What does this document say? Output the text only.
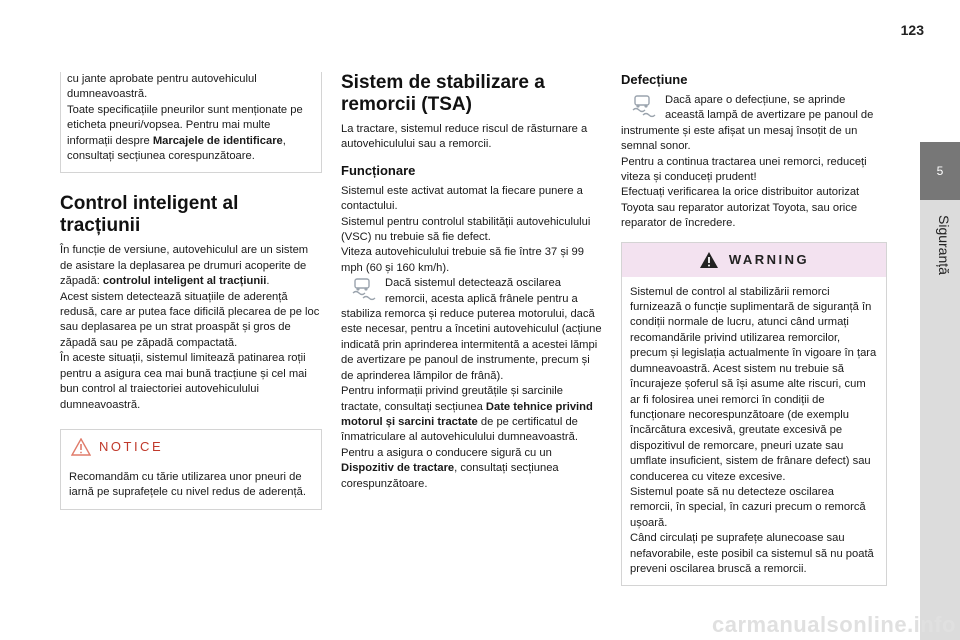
123

cu jante aprobate pentru autovehiculul dumneavoastră.

Toate specificațiile pneurilor sunt menționate pe eticheta pneuri/vopsea. Pentru mai multe informații despre Marcajele de identificare, consultați secțiunea corespunzătoare.

Control inteligent al tracțiunii

În funcție de versiune, autovehiculul are un sistem de asistare la deplasarea pe drumuri acoperite de zăpadă: controlul inteligent al tracțiunii.

Acest sistem detectează situațiile de aderență redusă, care ar putea face dificilă plecarea de pe loc sau deplasarea pe un strat proaspăt și gros de zăpadă sau pe zăpadă compactată.

În aceste situații, sistemul limitează patinarea roții pentru a asigura cea mai bună tracțiune și cel mai bun control al traiectoriei autovehiculului dumneavoastră.

NOTICE

Recomandăm cu tărie utilizarea unor pneuri de iarnă pe suprafețele cu nivel redus de aderență.

Sistem de stabilizare a remorcii (TSA)

La tractare, sistemul reduce riscul de răsturnare a autovehiculului sau a remorcii.

Funcționare

Sistemul este activat automat la fiecare punere a contactului.

Sistemul pentru controlul stabilității autovehiculului (VSC) nu trebuie să fie defect.

Viteza autovehiculului trebuie să fie între 37 și 99 mph (60 și 160 km/h).

Dacă sistemul detectează oscilarea remorcii, acesta aplică frânele pentru a stabiliza remorca și reduce puterea motorului, dacă este necesar, pentru a încetini autovehiculul (acțiune indicată prin aprinderea intermitentă a acestei lămpi de avertizare pe panoul de instrumente, precum și de aprinderea lămpilor de frână).

Pentru informații privind greutățile și sarcinile tractate, consultați secțiunea Date tehnice privind motorul și sarcini tractate de pe certificatul de înmatriculare al autovehiculului dumneavoastră.

Pentru a asigura o conducere sigură cu un Dispozitiv de tractare, consultați secțiunea corespunzătoare.

Defecțiune

Dacă apare o defecțiune, se aprinde această lampă de avertizare pe panoul de instrumente și este afișat un mesaj însoțit de un semnal sonor.

Pentru a continua tractarea unei remorci, reduceți viteza și conduceți prudent!

Efectuați verificarea la orice distribuitor autorizat Toyota sau reparator autorizat Toyota, sau orice reparator de încredere.

WARNING

Sistemul de control al stabilizării remorci furnizează o funcție suplimentară de siguranță în condiții normale de lucru, atunci când urmați recomandările privind utilizarea remorcilor, precum și legislația actualmente în vigoare în țara dumneavoastră. Acest sistem nu trebuie să încurajeze șoferul să își asume alte riscuri, cum ar fi folosirea unei remorci în condiții de funcționare necorespunzătoare (de exemplu încărcătura excesivă, greutate excesivă pe dispozitivul de remorcare, pneuri uzate sau umflate insuficient, sistem de frânare defect) sau conducerea cu viteze excesive.

Sistemul poate să nu detecteze oscilarea remorcii, în special, în cazuri precum o remorcă ușoară.

Când circulați pe suprafețe alunecoase sau nefavorabile, este posibil ca sistemul să nu poată preveni oscilarea bruscă a remorcii.

5
Siguranță
carmanualsonline.info
